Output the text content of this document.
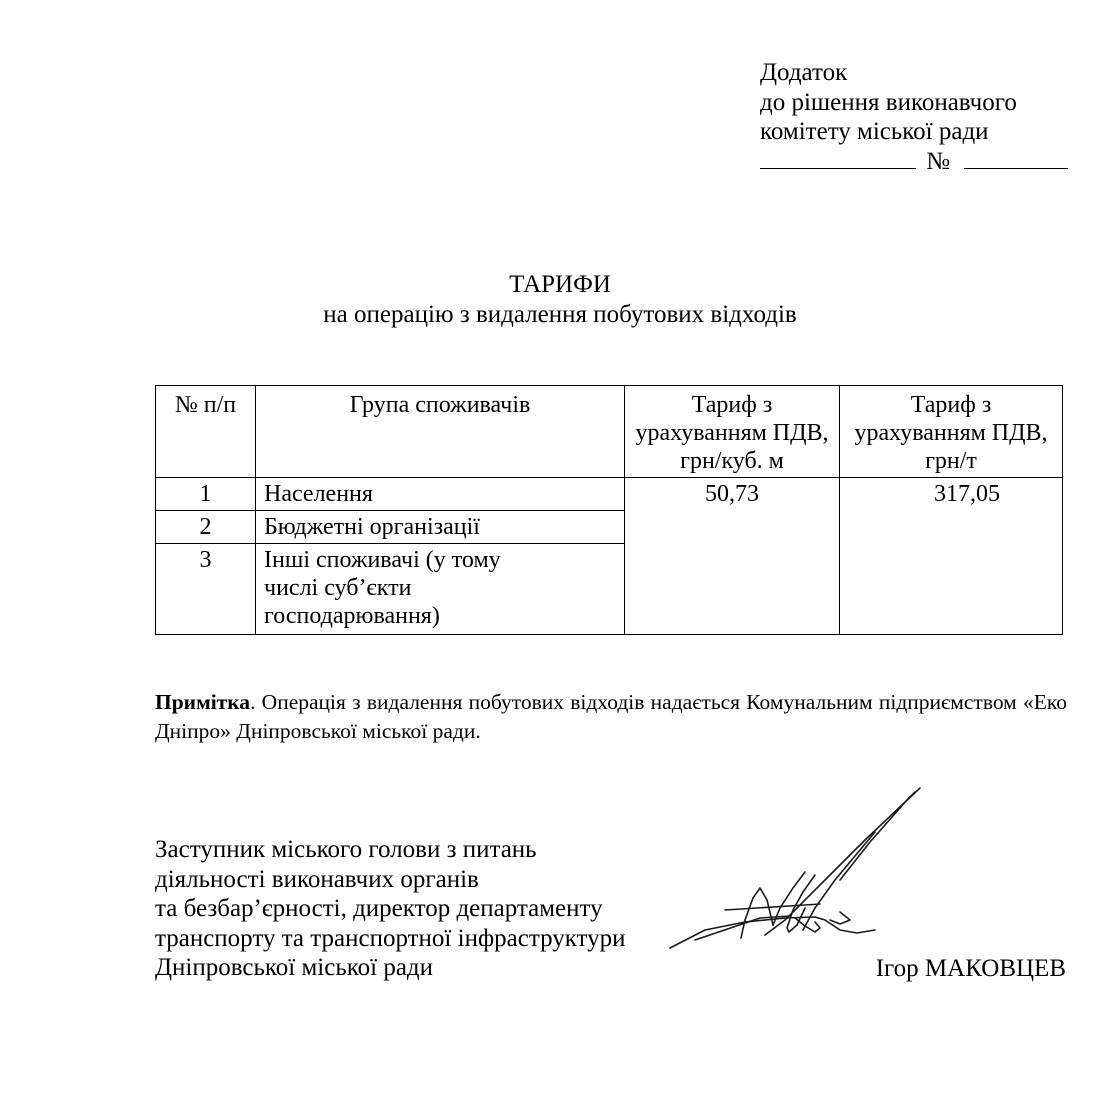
Додаток
до рішення виконавчого
комітету міської ради
№
ТАРИФИ
на операцію з видалення побутових відходів
№ п/п	Група споживачів	Тариф з урахуванням ПДВ, грн/куб. м	Тариф з урахуванням ПДВ, грн/т
1	Населення	50,73	317,05
2	Бюджетні організації		
3	Інші споживачі (у тому числі суб’єкти господарювання)		
Примітка. Операція з видалення побутових відходів надається Комунальним підприємством «Еко Дніпро» Дніпровської міської ради.
Заступник міського голови з питань
діяльності виконавчих органів
та безбар’єрності, директор департаменту
транспорту та транспортної інфраструктури
Дніпровської міської ради	Ігор МАКОВЦЕВ
